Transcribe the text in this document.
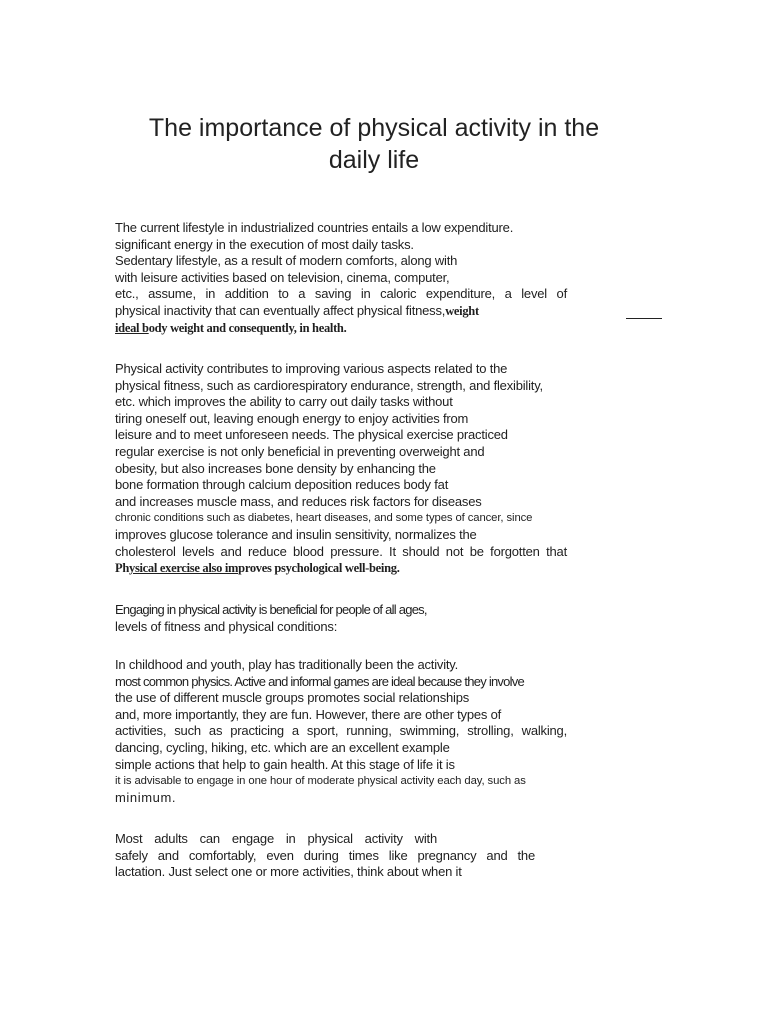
The importance of physical activity in the
daily life
The current lifestyle in industrialized countries entails a low expenditure.
significant energy in the execution of most daily tasks.
Sedentary lifestyle, as a result of modern comforts, along with
with leisure activities based on television, cinema, computer,
etc., assume, in addition to a saving in caloric expenditure, a level of
physical inactivity that can eventually affect physical fitness,weight
ideal body weight and consequently, in health.
Physical activity contributes to improving various aspects related to the
physical fitness, such as cardiorespiratory endurance, strength, and flexibility,
etc. which improves the ability to carry out daily tasks without
tiring oneself out, leaving enough energy to enjoy activities from
leisure and to meet unforeseen needs. The physical exercise practiced
regular exercise is not only beneficial in preventing overweight and
obesity, but also increases bone density by enhancing the
bone formation through calcium deposition reduces body fat
and increases muscle mass, and reduces risk factors for diseases
chronic conditions such as diabetes, heart diseases, and some types of cancer, since
improves glucose tolerance and insulin sensitivity, normalizes the
cholesterol levels and reduce blood pressure. It should not be forgotten that
Physical exercise also improves psychological well-being.
Engaging in physical activity is beneficial for people of all ages,
levels of fitness and physical conditions:
In childhood and youth, play has traditionally been the activity.
most common physics. Active and informal games are ideal because they involve
the use of different muscle groups promotes social relationships
and, more importantly, they are fun. However, there are other types of
activities, such as practicing a sport, running, swimming, strolling, walking,
dancing, cycling, hiking, etc. which are an excellent example
simple actions that help to gain health. At this stage of life it is
it is advisable to engage in one hour of moderate physical activity each day, such as
minimum.
Most adults can engage in physical activity with
safely and comfortably, even during times like pregnancy and the
lactation. Just select one or more activities, think about when it
